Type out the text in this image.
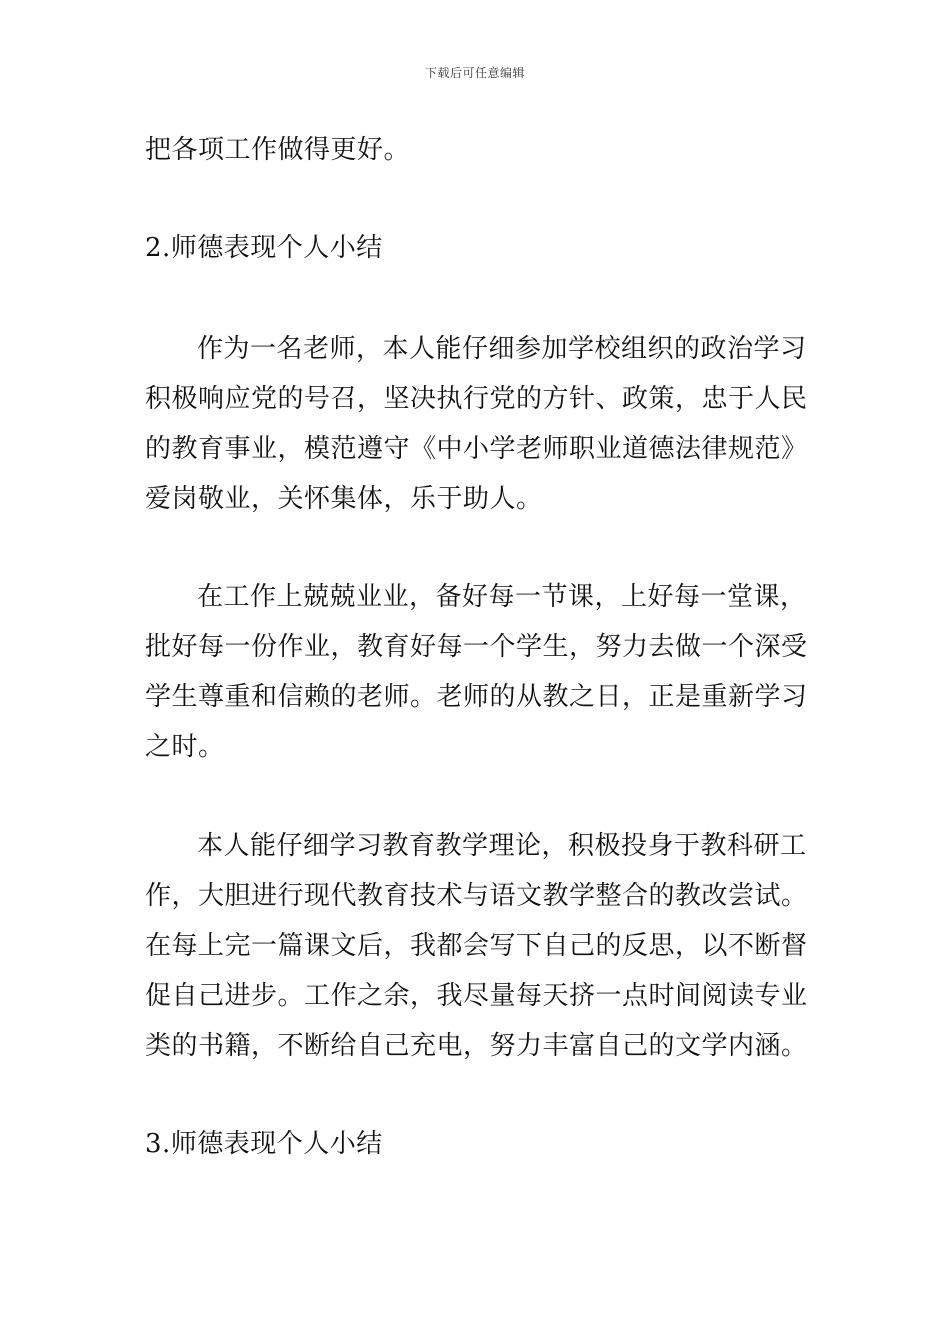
下载后可任意编辑
把各项工作做得更好。
2.师德表现个人小结
作为一名老师，本人能仔细参加学校组织的政治学习
积极响应党的号召，坚决执行党的方针、政策，忠于人民
的教育事业，模范遵守《中小学老师职业道德法律规范》
爱岗敬业，关怀集体，乐于助人。
在工作上兢兢业业，备好每一节课，上好每一堂课，
批好每一份作业，教育好每一个学生，努力去做一个深受
学生尊重和信赖的老师。老师的从教之日，正是重新学习
之时。
本人能仔细学习教育教学理论，积极投身于教科研工
作，大胆进行现代教育技术与语文教学整合的教改尝试。
在每上完一篇课文后，我都会写下自己的反思，以不断督
促自己进步。工作之余，我尽量每天挤一点时间阅读专业
类的书籍，不断给自己充电，努力丰富自己的文学内涵。
3.师德表现个人小结
